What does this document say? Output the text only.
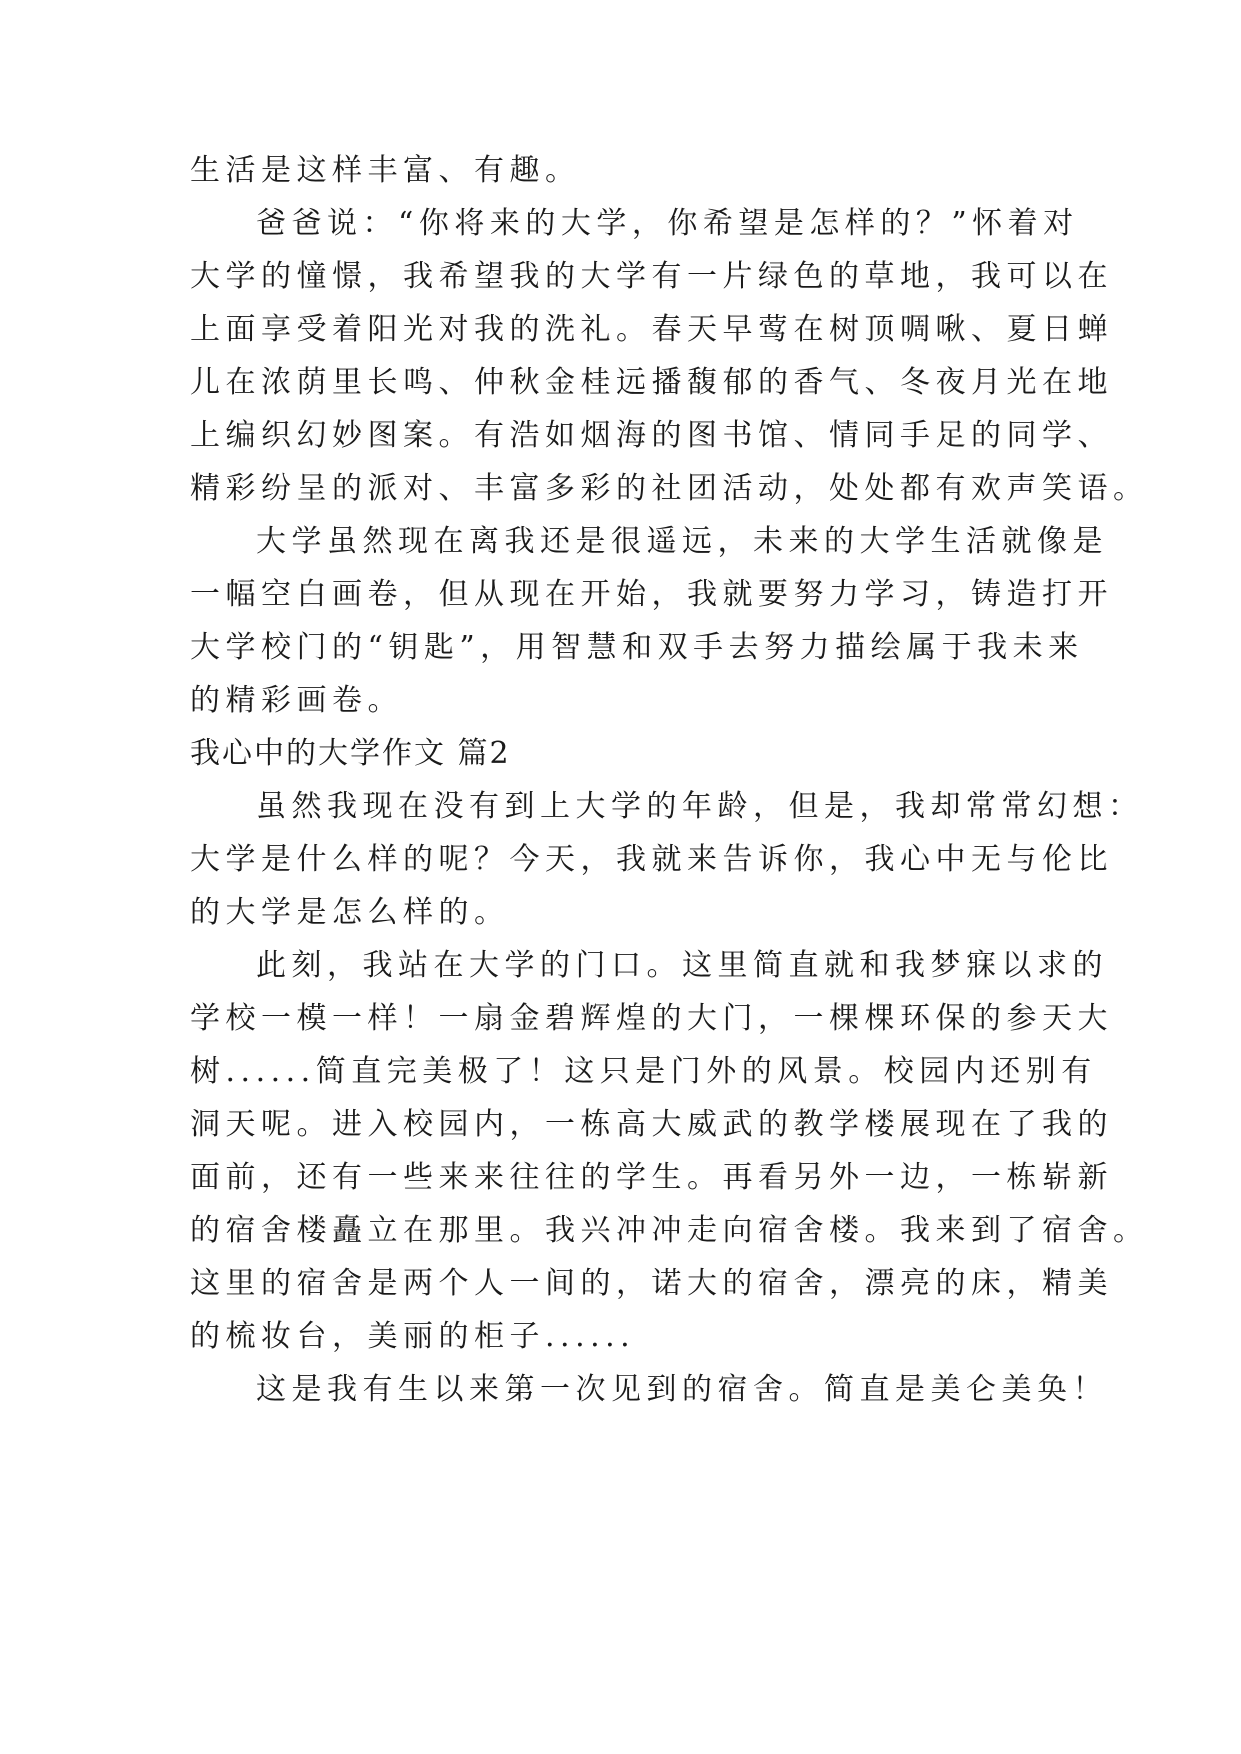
生活是这样丰富、有趣。
爸爸说：“你将来的大学，你希望是怎样的？”怀着对
大学的憧憬，我希望我的大学有一片绿色的草地，我可以在
上面享受着阳光对我的洗礼。春天早莺在树顶啁啾、夏日蝉
儿在浓荫里长鸣、仲秋金桂远播馥郁的香气、冬夜月光在地
上编织幻妙图案。有浩如烟海的图书馆、情同手足的同学、
精彩纷呈的派对、丰富多彩的社团活动，处处都有欢声笑语。
大学虽然现在离我还是很遥远，未来的大学生活就像是
一幅空白画卷，但从现在开始，我就要努力学习，铸造打开
大学校门的“钥匙”，用智慧和双手去努力描绘属于我未来
的精彩画卷。
我心中的大学作文 篇2
虽然我现在没有到上大学的年龄，但是，我却常常幻想：
大学是什么样的呢？今天，我就来告诉你，我心中无与伦比
的大学是怎么样的。
此刻，我站在大学的门口。这里简直就和我梦寐以求的
学校一模一样！一扇金碧辉煌的大门，一棵棵环保的参天大
树......简直完美极了！这只是门外的风景。校园内还别有
洞天呢。进入校园内，一栋高大威武的教学楼展现在了我的
面前，还有一些来来往往的学生。再看另外一边，一栋崭新
的宿舍楼矗立在那里。我兴冲冲走向宿舍楼。我来到了宿舍。
这里的宿舍是两个人一间的，诺大的宿舍，漂亮的床，精美
的梳妆台，美丽的柜子......
这是我有生以来第一次见到的宿舍。简直是美仑美奂！
